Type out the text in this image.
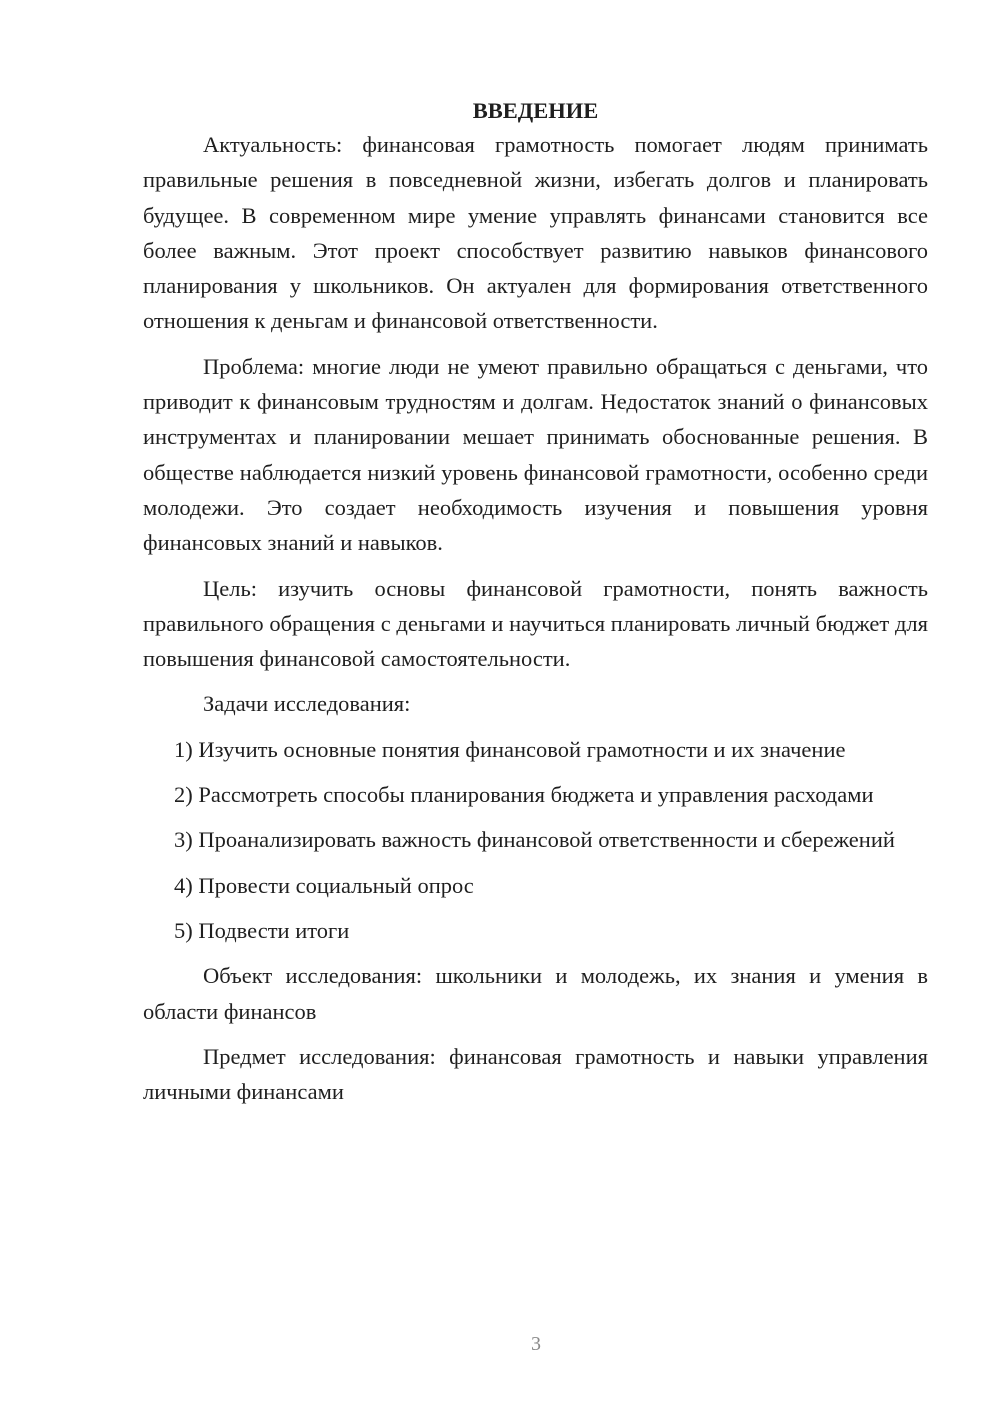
ВВЕДЕНИЕ

Актуальность: финансовая грамотность помогает людям принимать правильные решения в повседневной жизни, избегать долгов и планировать будущее. В современном мире умение управлять финансами становится все более важным. Этот проект способствует развитию навыков финансового планирования у школьников. Он актуален для формирования ответственного отношения к деньгам и финансовой ответственности.

Проблема: многие люди не умеют правильно обращаться с деньгами, что приводит к финансовым трудностям и долгам. Недостаток знаний о финансовых инструментах и планировании мешает принимать обоснованные решения. В обществе наблюдается низкий уровень финансовой грамотности, особенно среди молодежи. Это создает необходимость изучения и повышения уровня финансовых знаний и навыков.

Цель: изучить основы финансовой грамотности, понять важность правильного обращения с деньгами и научиться планировать личный бюджет для повышения финансовой самостоятельности.

Задачи исследования:

1) Изучить основные понятия финансовой грамотности и их значение

2) Рассмотреть способы планирования бюджета и управления расходами

3) Проанализировать важность финансовой ответственности и сбережений

4) Провести социальный опрос

5) Подвести итоги

Объект исследования: школьники и молодежь, их знания и умения в области финансов

Предмет исследования: финансовая грамотность и навыки управления личными финансами

3
